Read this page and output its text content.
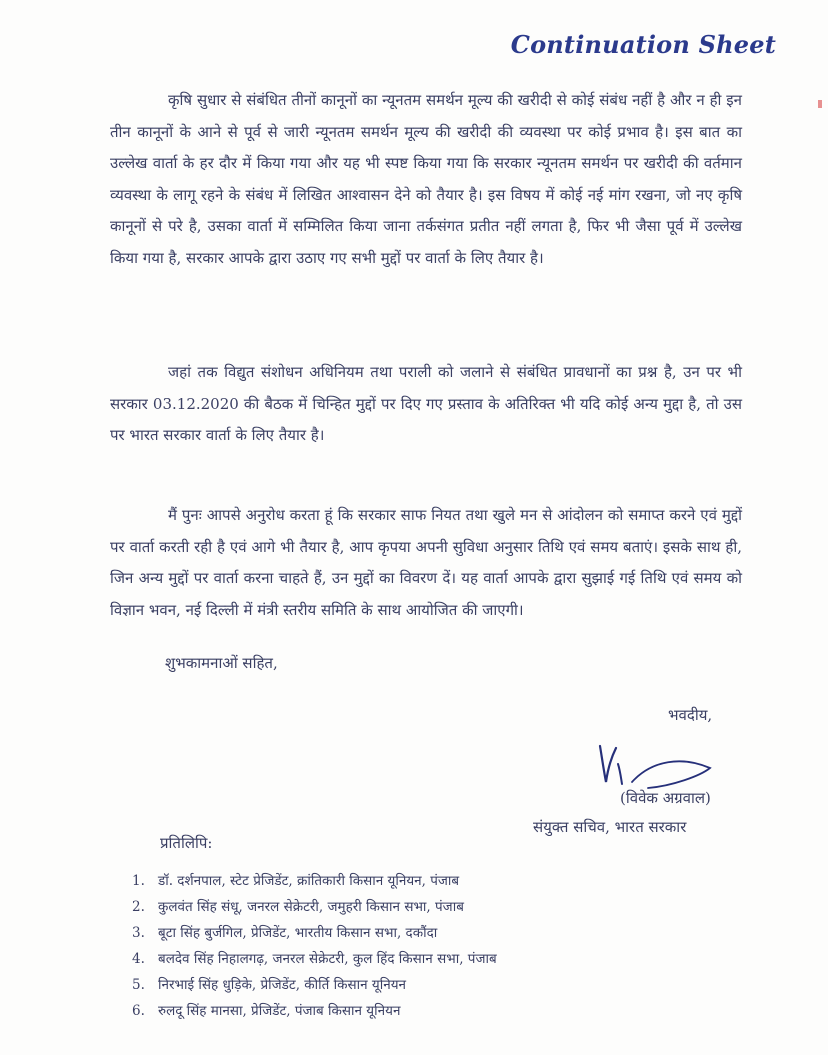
Continuation Sheet

कृषि सुधार से संबंधित तीनों कानूनों का न्यूनतम समर्थन मूल्य की खरीदी से कोई संबंध नहीं है और न ही इन तीन कानूनों के आने से पूर्व से जारी न्यूनतम समर्थन मूल्य की खरीदी की व्यवस्था पर कोई प्रभाव है। इस बात का उल्लेख वार्ता के हर दौर में किया गया और यह भी स्पष्ट किया गया कि सरकार न्यूनतम समर्थन पर खरीदी की वर्तमान व्यवस्था के लागू रहने के संबंध में लिखित आश्वासन देने को तैयार है। इस विषय में कोई नई मांग रखना, जो नए कृषि कानूनों से परे है, उसका वार्ता में सम्मिलित किया जाना तर्कसंगत प्रतीत नहीं लगता है, फिर भी जैसा पूर्व में उल्लेख किया गया है, सरकार आपके द्वारा उठाए गए सभी मुद्दों पर वार्ता के लिए तैयार है।

जहां तक विद्युत संशोधन अधिनियम तथा पराली को जलाने से संबंधित प्रावधानों का प्रश्न है, उन पर भी सरकार 03.12.2020 की बैठक में चिन्हित मुद्दों पर दिए गए प्रस्ताव के अतिरिक्त भी यदि कोई अन्य मुद्दा है, तो उस पर भारत सरकार वार्ता के लिए तैयार है।

मैं पुनः आपसे अनुरोध करता हूं कि सरकार साफ नियत तथा खुले मन से आंदोलन को समाप्त करने एवं मुद्दों पर वार्ता करती रही है एवं आगे भी तैयार है, आप कृपया अपनी सुविधा अनुसार तिथि एवं समय बताएं। इसके साथ ही, जिन अन्य मुद्दों पर वार्ता करना चाहते हैं, उन मुद्दों का विवरण दें। यह वार्ता आपके द्वारा सुझाई गई तिथि एवं समय को विज्ञान भवन, नई दिल्ली में मंत्री स्तरीय समिति के साथ आयोजित की जाएगी।

शुभकामनाओं सहित,
भवदीय,
(विवेक अग्रवाल)
संयुक्त सचिव, भारत सरकार
प्रतिलिपि:
1. डॉ. दर्शनपाल, स्टेट प्रेजिडेंट, क्रांतिकारी किसान यूनियन, पंजाब
2. कुलवंत सिंह संधू, जनरल सेक्रेटरी, जमुहरी किसान सभा, पंजाब
3. बूटा सिंह बुर्जगिल, प्रेजिडेंट, भारतीय किसान सभा, दकौंदा
4. बलदेव सिंह निहालगढ़, जनरल सेक्रेटरी, कुल हिंद किसान सभा, पंजाब
5. निरभाई सिंह धुड़िके, प्रेजिडेंट, कीर्ति किसान यूनियन
6. रुलदू सिंह मानसा, प्रेजिडेंट, पंजाब किसान यूनियन
